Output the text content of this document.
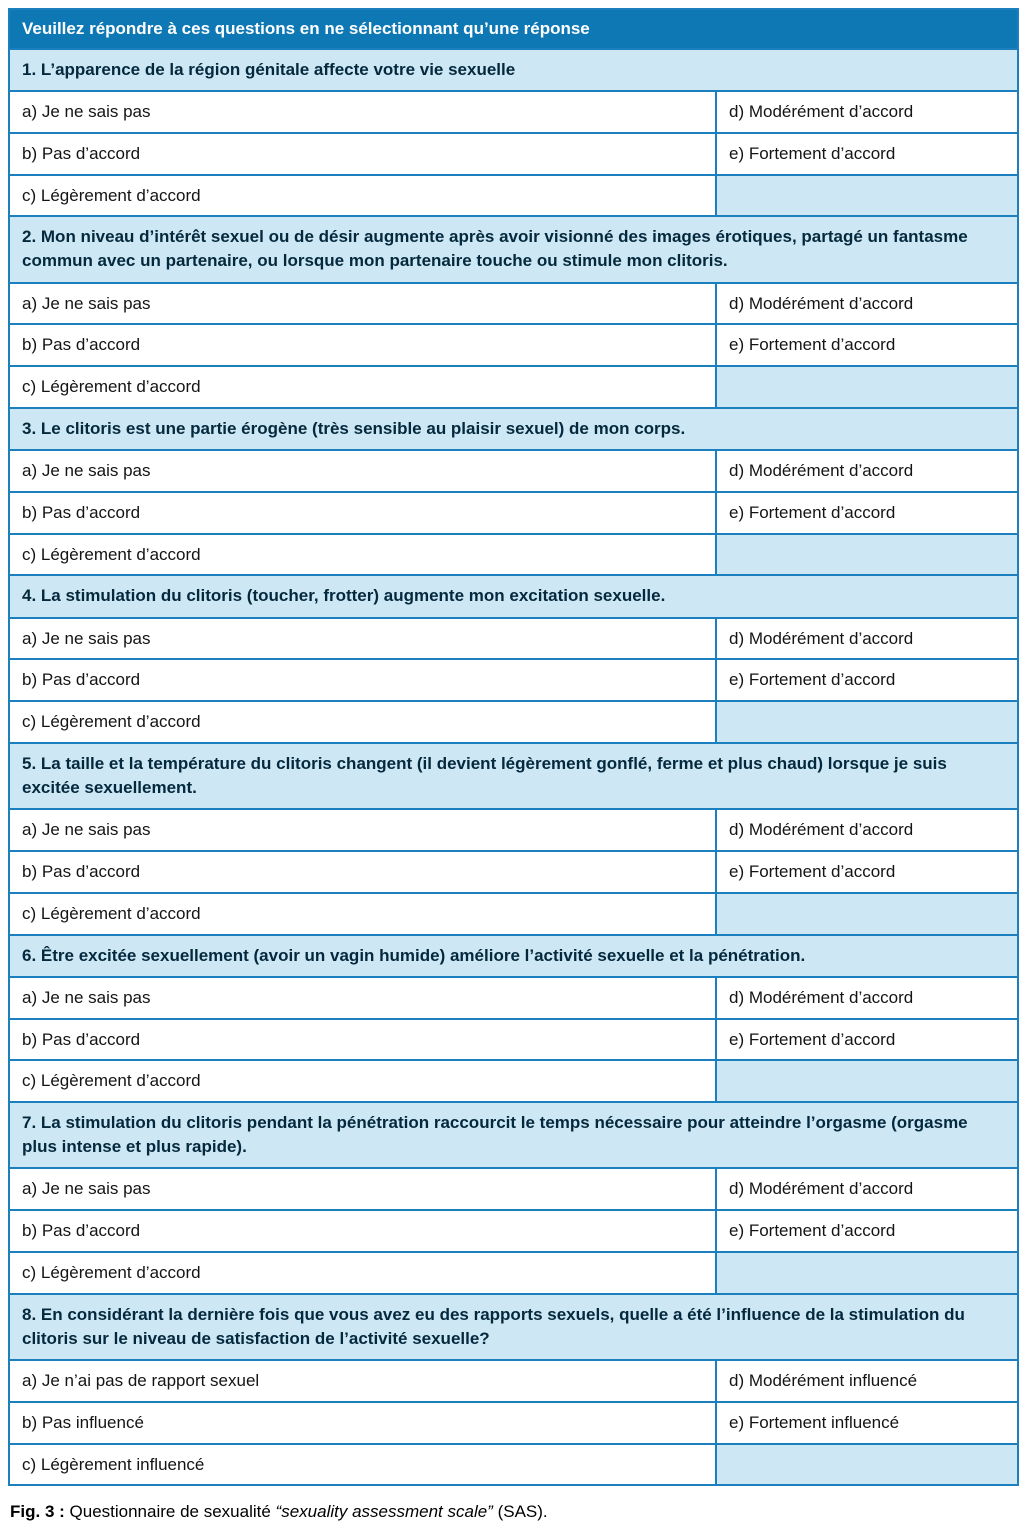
Veuillez répondre à ces questions en ne sélectionnant qu’une réponse
1. L’apparence de la région génitale affecte votre vie sexuelle
a) Je ne sais pas	d) Modérément d’accord
b) Pas d’accord	e) Fortement d’accord
c) Légèrement d’accord
2. Mon niveau d’intérêt sexuel ou de désir augmente après avoir visionné des images érotiques, partagé un fantasme commun avec un partenaire, ou lorsque mon partenaire touche ou stimule mon clitoris.
a) Je ne sais pas	d) Modérément d’accord
b) Pas d’accord	e) Fortement d’accord
c) Légèrement d’accord
3. Le clitoris est une partie érogène (très sensible au plaisir sexuel) de mon corps.
a) Je ne sais pas	d) Modérément d’accord
b) Pas d’accord	e) Fortement d’accord
c) Légèrement d’accord
4. La stimulation du clitoris (toucher, frotter) augmente mon excitation sexuelle.
a) Je ne sais pas	d) Modérément d’accord
b) Pas d’accord	e) Fortement d’accord
c) Légèrement d’accord
5. La taille et la température du clitoris changent (il devient légèrement gonflé, ferme et plus chaud) lorsque je suis excitée sexuellement.
a) Je ne sais pas	d) Modérément d’accord
b) Pas d’accord	e) Fortement d’accord
c) Légèrement d’accord
6. Être excitée sexuellement (avoir un vagin humide) améliore l’activité sexuelle et la pénétration.
a) Je ne sais pas	d) Modérément d’accord
b) Pas d’accord	e) Fortement d’accord
c) Légèrement d’accord
7. La stimulation du clitoris pendant la pénétration raccourcit le temps nécessaire pour atteindre l’orgasme (orgasme plus intense et plus rapide).
a) Je ne sais pas	d) Modérément d’accord
b) Pas d’accord	e) Fortement d’accord
c) Légèrement d’accord
8. En considérant la dernière fois que vous avez eu des rapports sexuels, quelle a été l’influence de la stimulation du clitoris sur le niveau de satisfaction de l’activité sexuelle?
a) Je n’ai pas de rapport sexuel	d) Modérément influencé
b) Pas influencé	e) Fortement influencé
c) Légèrement influencé

Fig. 3 : Questionnaire de sexualité “sexuality assessment scale” (SAS).
